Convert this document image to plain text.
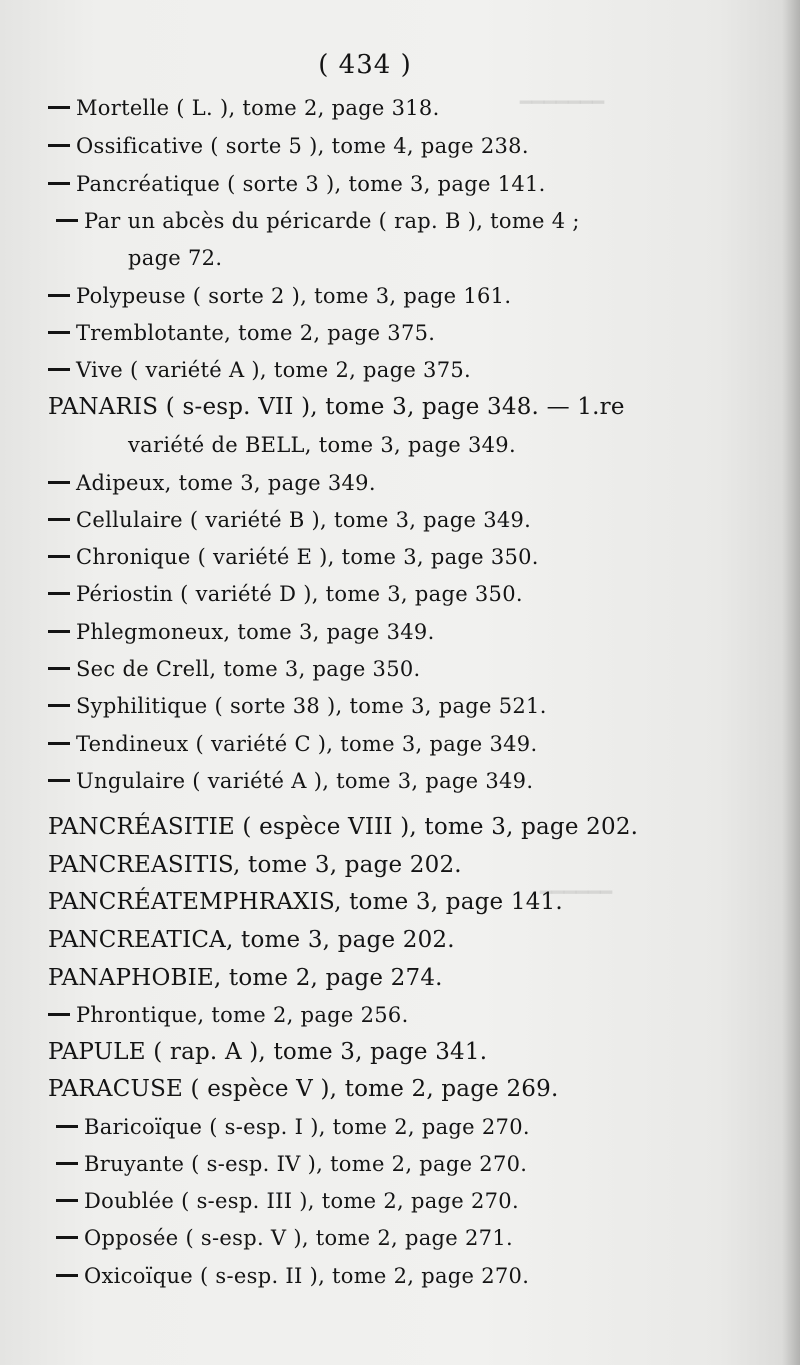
━━━━━━━
━━━━━━
( 434 )
Mortelle ( L. ), tome 2, page 318.
Ossificative ( sorte 5 ), tome 4, page 238.
Pancréatique ( sorte 3 ), tome 3, page 141.
Par un abcès du péricarde ( rap. B ), tome 4 ;
page 72.
Polypeuse ( sorte 2 ), tome 3, page 161.
Tremblotante, tome 2, page 375.
Vive ( variété A ), tome 2, page 375.
PANARIS ( s-esp. VII ), tome 3, page 348. — 1.re
variété de BELL, tome 3, page 349.
Adipeux, tome 3, page 349.
Cellulaire ( variété B ), tome 3, page 349.
Chronique ( variété E ), tome 3, page 350.
Périostin ( variété D ), tome 3, page 350.
Phlegmoneux, tome 3, page 349.
Sec de Crell, tome 3, page 350.
Syphilitique ( sorte 38 ), tome 3, page 521.
Tendineux ( variété C ), tome 3, page 349.
Ungulaire ( variété A ), tome 3, page 349.
PANCRÉASITIE ( espèce VIII ), tome 3, page 202.
PANCREASITIS, tome 3, page 202.
PANCRÉATEMPHRAXIS, tome 3, page 141.
PANCREATICA, tome 3, page 202.
PANAPHOBIE, tome 2, page 274.
Phrontique, tome 2, page 256.
PAPULE ( rap. A ), tome 3, page 341.
PARACUSE ( espèce V ), tome 2, page 269.
Baricoïque ( s-esp. I ), tome 2, page 270.
Bruyante ( s-esp. IV ), tome 2, page 270.
Doublée ( s-esp. III ), tome 2, page 270.
Opposée ( s-esp. V ), tome 2, page 271.
Oxicoïque ( s-esp. II ), tome 2, page 270.
